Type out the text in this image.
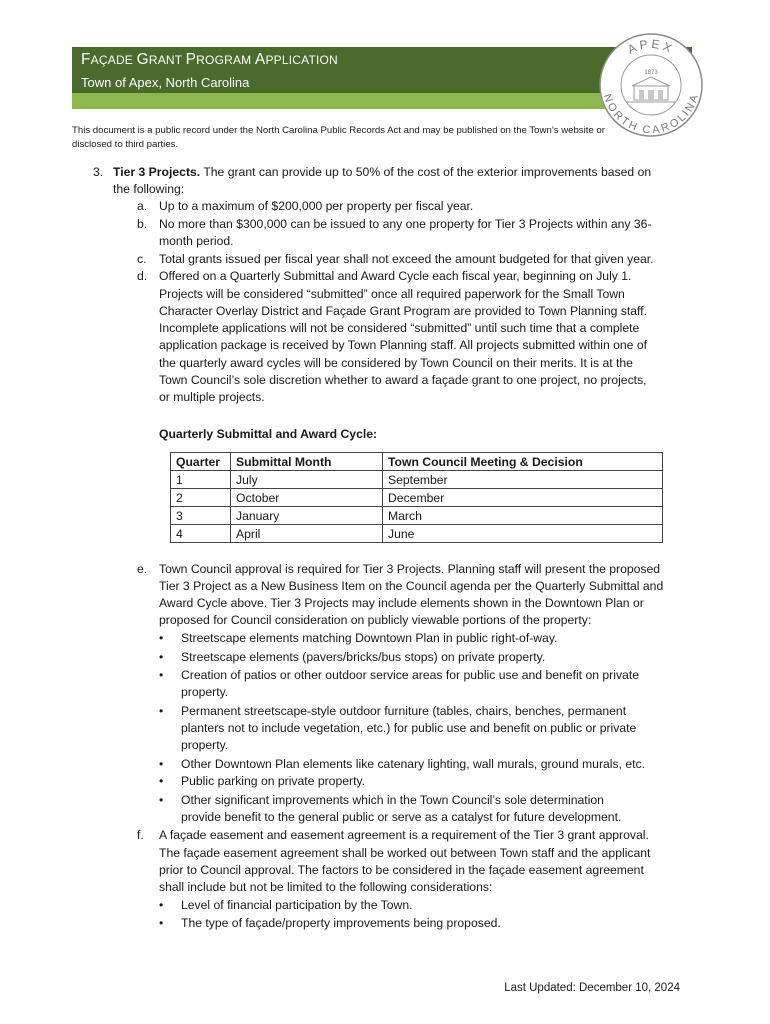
FAÇADE GRANT PROGRAM APPLICATION
Town of Apex, North Carolina
APEX
1873
NORTH CAROLINA
This document is a public record under the North Carolina Public Records Act and may be published on the Town’s website or disclosed to third parties.
3. Tier 3 Projects. The grant can provide up to 50% of the cost of the exterior improvements based on
the following:
a. Up to a maximum of $200,000 per property per fiscal year.
b. No more than $300,000 can be issued to any one property for Tier 3 Projects within any 36-
month period.
c. Total grants issued per fiscal year shall not exceed the amount budgeted for that given year.
d. Offered on a Quarterly Submittal and Award Cycle each fiscal year, beginning on July 1.
Projects will be considered “submitted” once all required paperwork for the Small Town
Character Overlay District and Façade Grant Program are provided to Town Planning staff.
Incomplete applications will not be considered “submitted” until such time that a complete
application package is received by Town Planning staff. All projects submitted within one of
the quarterly award cycles will be considered by Town Council on their merits. It is at the
Town Council’s sole discretion whether to award a façade grant to one project, no projects,
or multiple projects.
Quarterly Submittal and Award Cycle:
e. Town Council approval is required for Tier 3 Projects. Planning staff will present the proposed
Tier 3 Project as a New Business Item on the Council agenda per the Quarterly Submittal and
Award Cycle above. Tier 3 Projects may include elements shown in the Downtown Plan or
proposed for Council consideration on publicly viewable portions of the property:
• Streetscape elements matching Downtown Plan in public right-of-way.
• Streetscape elements (pavers/bricks/bus stops) on private property.
• Creation of patios or other outdoor service areas for public use and benefit on private
property.
• Permanent streetscape-style outdoor furniture (tables, chairs, benches, permanent
planters not to include vegetation, etc.) for public use and benefit on public or private
property.
• Other Downtown Plan elements like catenary lighting, wall murals, ground murals, etc.
• Public parking on private property.
• Other significant improvements which in the Town Council’s sole determination
provide benefit to the general public or serve as a catalyst for future development.
f. A façade easement and easement agreement is a requirement of the Tier 3 grant approval.
The façade easement agreement shall be worked out between Town staff and the applicant
prior to Council approval. The factors to be considered in the façade easement agreement
shall include but not be limited to the following considerations:
• Level of financial participation by the Town.
• The type of façade/property improvements being proposed.
Quarter	Submittal Month	Town Council Meeting & Decision
1	July	September
2	October	December
3	January	March
4	April	June
Last Updated: December 10, 2024
